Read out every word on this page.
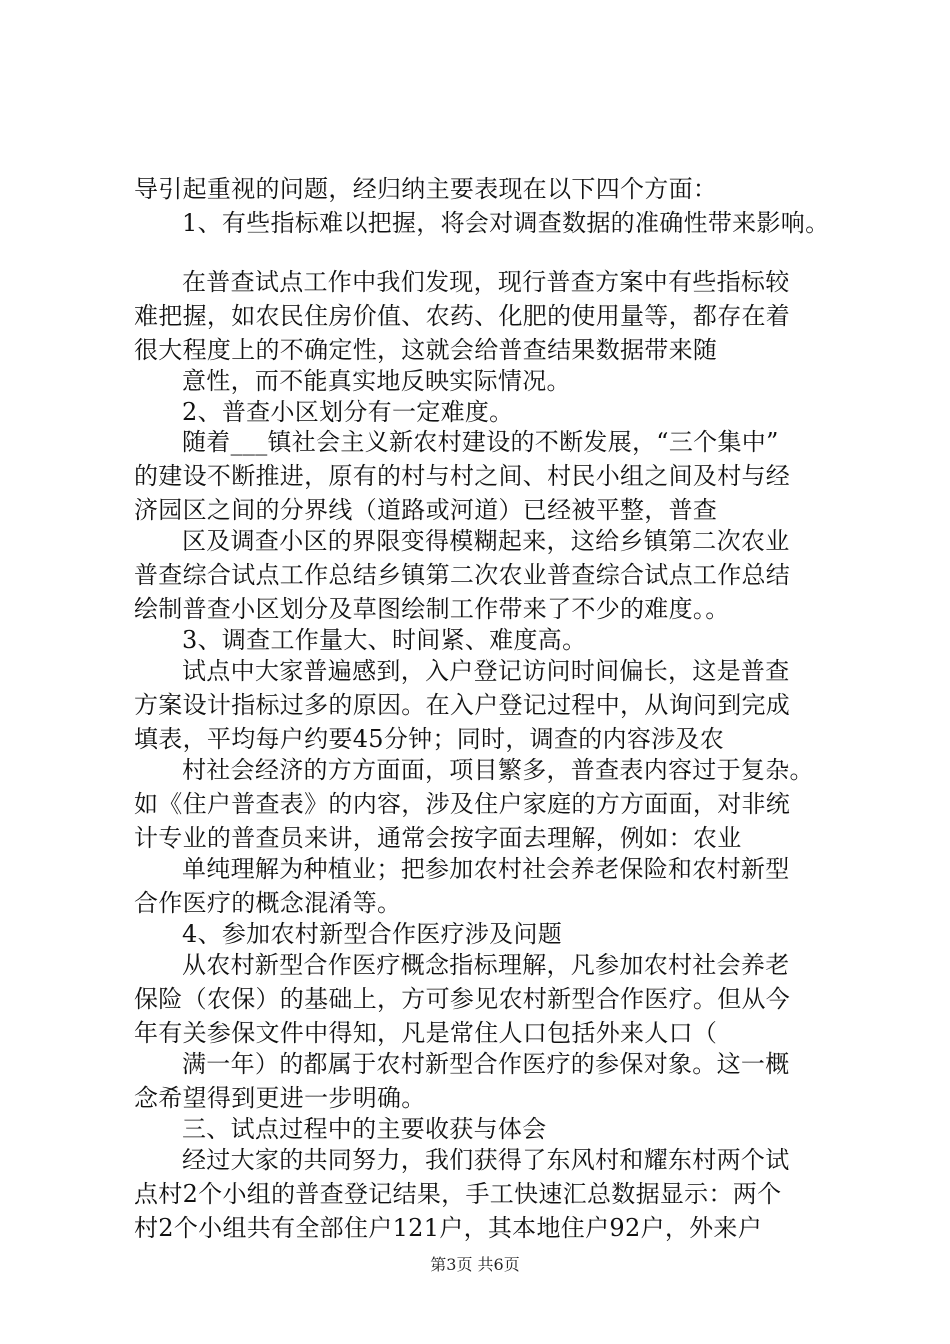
导引起重视的问题，经归纳主要表现在以下四个方面：
1、有些指标难以把握，将会对调查数据的准确性带来影响。
在普查试点工作中我们发现，现行普查方案中有些指标较
难把握，如农民住房价值、农药、化肥的使用量等，都存在着
很大程度上的不确定性，这就会给普查结果数据带来随
意性，而不能真实地反映实际情况。
2、普查小区划分有一定难度。
随着___镇社会主义新农村建设的不断发展，“三个集中”
的建设不断推进，原有的村与村之间、村民小组之间及村与经
济园区之间的分界线（道路或河道）已经被平整，普查
区及调查小区的界限变得模糊起来，这给乡镇第二次农业
普查综合试点工作总结乡镇第二次农业普查综合试点工作总结
绘制普查小区划分及草图绘制工作带来了不少的难度。。
3、调查工作量大、时间紧、难度高。
试点中大家普遍感到，入户登记访问时间偏长，这是普查
方案设计指标过多的原因。在入户登记过程中，从询问到完成
填表，平均每户约要45分钟；同时，调查的内容涉及农
村社会经济的方方面面，项目繁多，普查表内容过于复杂。
如《住户普查表》的内容，涉及住户家庭的方方面面，对非统
计专业的普查员来讲，通常会按字面去理解，例如：农业
单纯理解为种植业；把参加农村社会养老保险和农村新型
合作医疗的概念混淆等。
4、参加农村新型合作医疗涉及问题
从农村新型合作医疗概念指标理解，凡参加农村社会养老
保险（农保）的基础上，方可参见农村新型合作医疗。但从今
年有关参保文件中得知，凡是常住人口包括外来人口（
满一年）的都属于农村新型合作医疗的参保对象。这一概
念希望得到更进一步明确。
三、试点过程中的主要收获与体会
经过大家的共同努力，我们获得了东风村和耀东村两个试
点村2个小组的普查登记结果，手工快速汇总数据显示：两个
村2个小组共有全部住户121户，其本地住户92户，外来户
第3页 共6页
